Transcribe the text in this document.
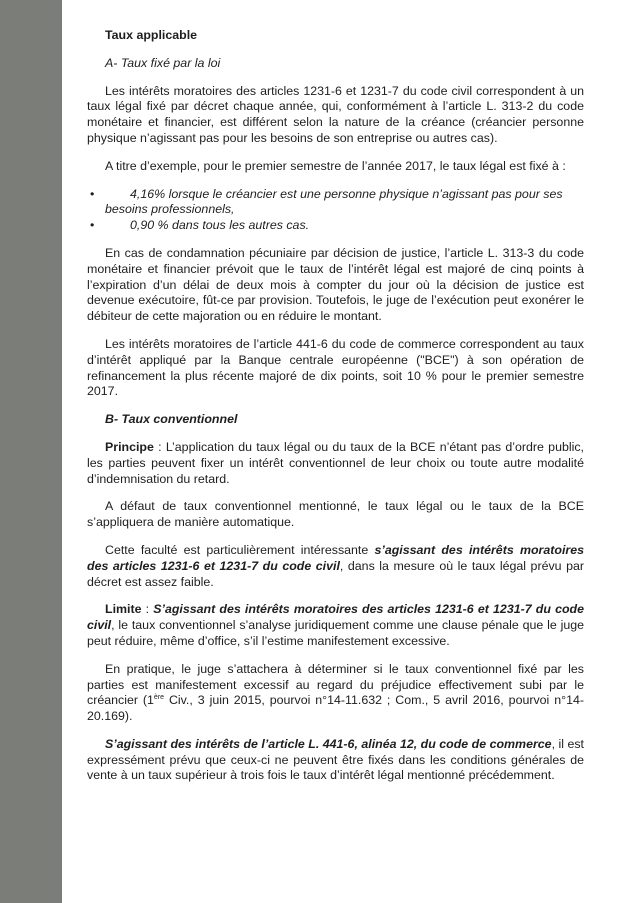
Taux applicable

A- Taux fixé par la loi

Les intérêts moratoires des articles 1231-6 et 1231-7 du code civil correspondent à un taux légal fixé par décret chaque année, qui, conformément à l’article L. 313-2 du code monétaire et financier, est différent selon la nature de la créance (créancier personne physique n’agissant pas pour les besoins de son entreprise ou autres cas).

A titre d’exemple, pour le premier semestre de l’année 2017, le taux légal est fixé à :

•	4,16% lorsque le créancier est une personne physique n’agissant pas pour ses besoins professionnels,
•	0,90 % dans tous les autres cas.

En cas de condamnation pécuniaire par décision de justice, l’article L. 313-3 du code monétaire et financier prévoit que le taux de l’intérêt légal est majoré de cinq points à l’expiration d’un délai de deux mois à compter du jour où la décision de justice est devenue exécutoire, fût-ce par provision. Toutefois, le juge de l’exécution peut exonérer le débiteur de cette majoration ou en réduire le montant.

Les intérêts moratoires de l’article 441-6 du code de commerce correspondent au taux d’intérêt appliqué par la Banque centrale européenne ("BCE") à son opération de refinancement la plus récente majoré de dix points, soit 10 % pour le premier semestre 2017.

B- Taux conventionnel

Principe : L’application du taux légal ou du taux de la BCE n’étant pas d’ordre public, les parties peuvent fixer un intérêt conventionnel de leur choix ou toute autre modalité d’indemnisation du retard.

A défaut de taux conventionnel mentionné, le taux légal ou le taux de la BCE s’appliquera de manière automatique.

Cette faculté est particulièrement intéressante s’agissant des intérêts moratoires des articles 1231-6 et 1231-7 du code civil, dans la mesure où le taux légal prévu par décret est assez faible.

Limite : S’agissant des intérêts moratoires des articles 1231-6 et 1231-7 du code civil, le taux conventionnel s’analyse juridiquement comme une clause pénale que le juge peut réduire, même d’office, s’il l’estime manifestement excessive.

En pratique, le juge s’attachera à déterminer si le taux conventionnel fixé par les parties est manifestement excessif au regard du préjudice effectivement subi par le créancier (1ère Civ., 3 juin 2015, pourvoi n°14-11.632 ; Com., 5 avril 2016, pourvoi n°14-20.169).

S’agissant des intérêts de l’article L. 441-6, alinéa 12, du code de commerce, il est expressément prévu que ceux-ci ne peuvent être fixés dans les conditions générales de vente à un taux supérieur à trois fois le taux d’intérêt légal mentionné précédemment.
